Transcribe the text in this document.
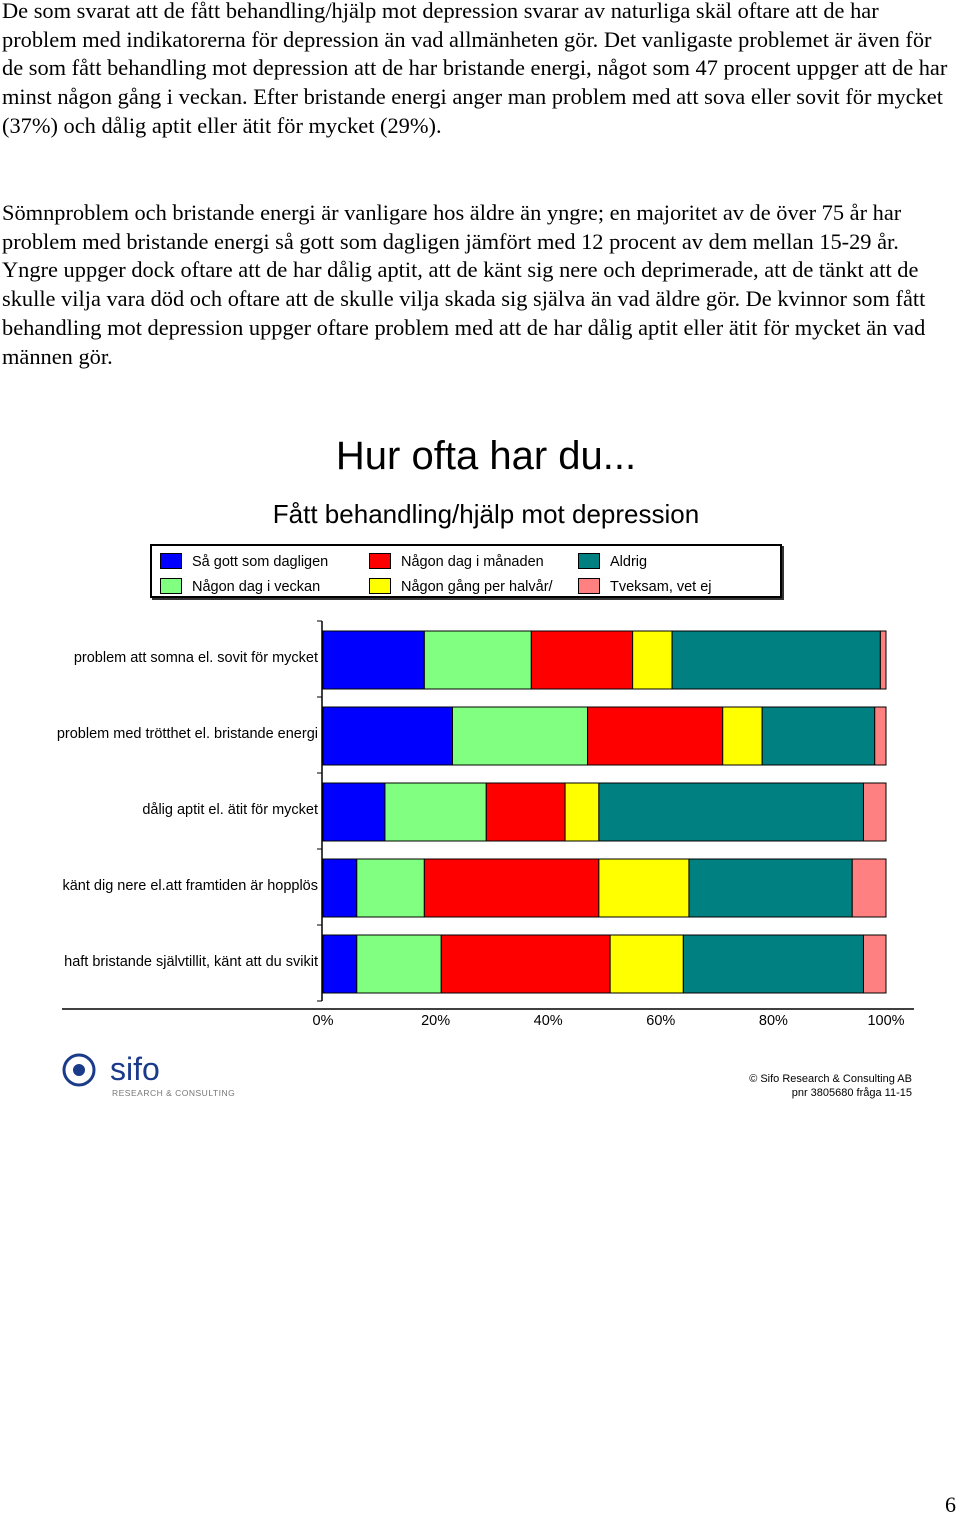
De som svarat att de fått behandling/hjälp mot depression svarar av naturliga skäl oftare att de har problem med indikatorerna för depression än vad allmänheten gör. Det vanligaste problemet är även för de som fått behandling mot depression att de har bristande energi, något som 47 procent uppger att de har minst någon gång i veckan. Efter bristande energi anger man problem med att sova eller sovit för mycket (37%) och dålig aptit eller ätit för mycket (29%).

Sömnproblem och bristande energi är vanligare hos äldre än yngre; en majoritet av de över 75 år har problem med bristande energi så gott som dagligen jämfört med 12 procent av dem mellan 15-29 år. Yngre uppger dock oftare att de har dålig aptit, att de känt sig nere och deprimerade, att de tänkt att de skulle vilja vara död och oftare att de skulle vilja skada sig själva än vad äldre gör. De kvinnor som fått behandling mot depression uppger oftare problem med att de har dålig aptit eller ätit för mycket än vad männen gör.

Hur ofta har du...
Fått behandling/hjälp mot depression
Så gott som dagligen
Någon dag i veckan
Någon dag i månaden
Någon gång per halvår/
Aldrig
Tveksam, vet ej
problem att somna el. sovit för mycket
problem med trötthet el. bristande energi
dålig aptit el. ätit för mycket
känt dig nere el.att framtiden är hopplös
haft bristande självtillit, känt att du svikit
0%	20%	40%	60%	80%	100%
sifo
RESEARCH & CONSULTING
© Sifo Research & Consulting AB
pnr 3805680 fråga 11-15
6
